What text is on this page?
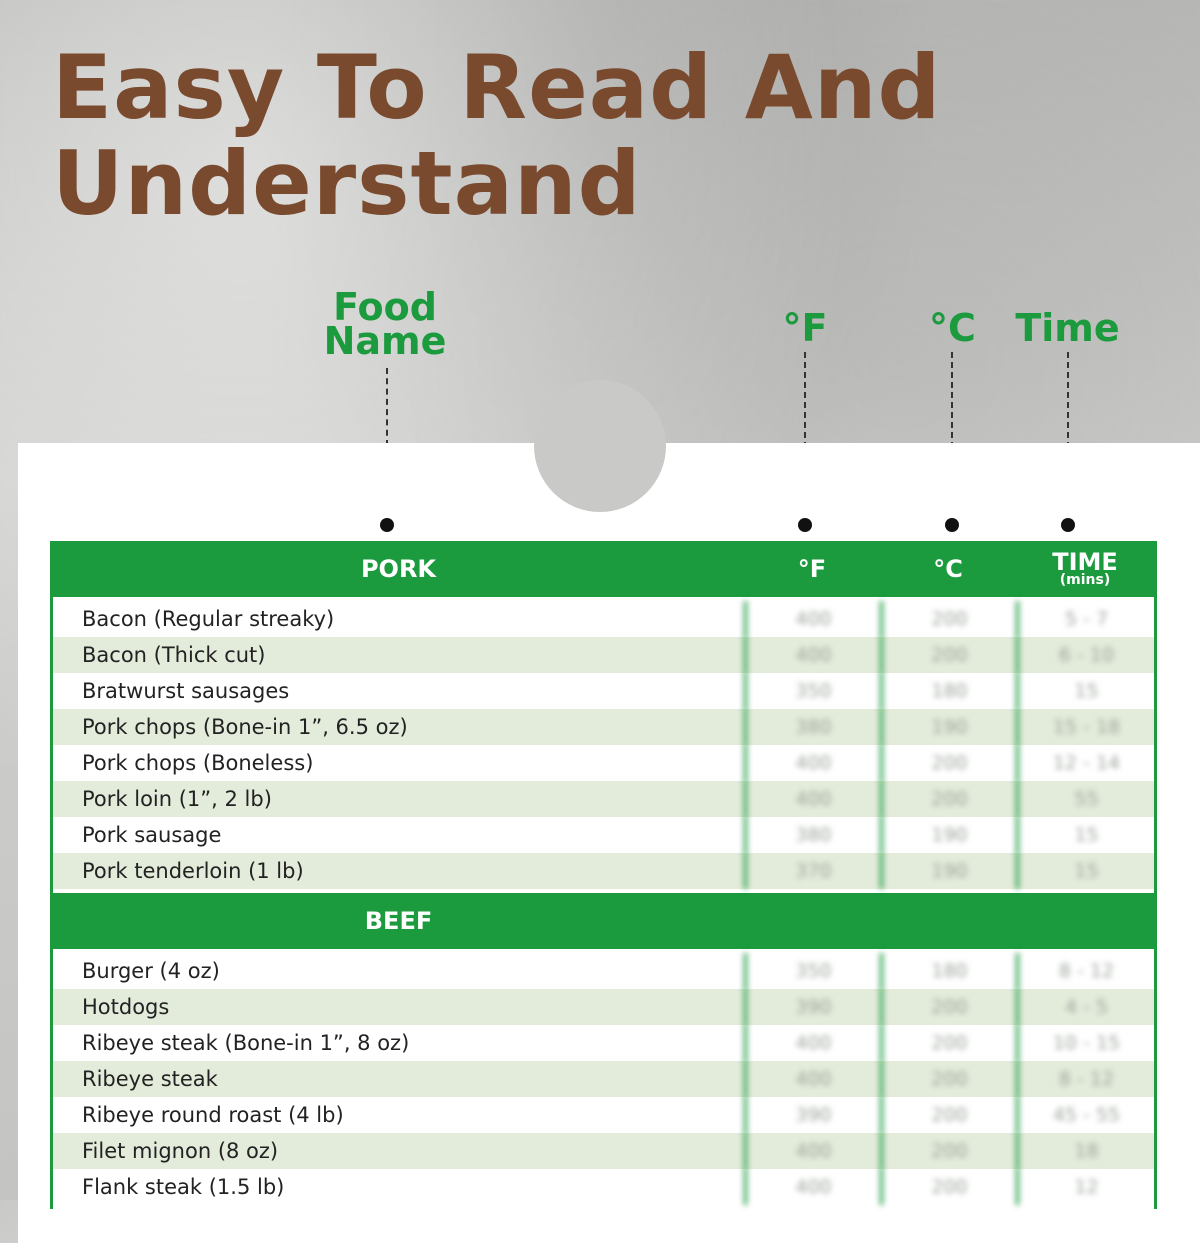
Easy To Read And
Understand
Food Name	°F	°C	Time
PORK	°F	°C	TIME
(mins)
Bacon (Regular streaky)	400	200	5 - 7
Bacon (Thick cut)	400	200	6 - 10
Bratwurst sausages	350	180	15
Pork chops (Bone-in 1”, 6.5 oz)	380	190	15 - 18
Pork chops (Boneless)	400	200	12 - 14
Pork loin (1”, 2 lb)	400	200	55
Pork sausage	380	190	15
Pork tenderloin (1 lb)	370	190	15
BEEF
Burger (4 oz)	350	180	8 - 12
Hotdogs	390	200	4 - 5
Ribeye steak (Bone-in 1”, 8 oz)	400	200	10 - 15
Ribeye steak	400	200	8 - 12
Ribeye round roast (4 lb)	390	200	45 - 55
Filet mignon (8 oz)	400	200	18
Flank steak (1.5 lb)	400	200	12
